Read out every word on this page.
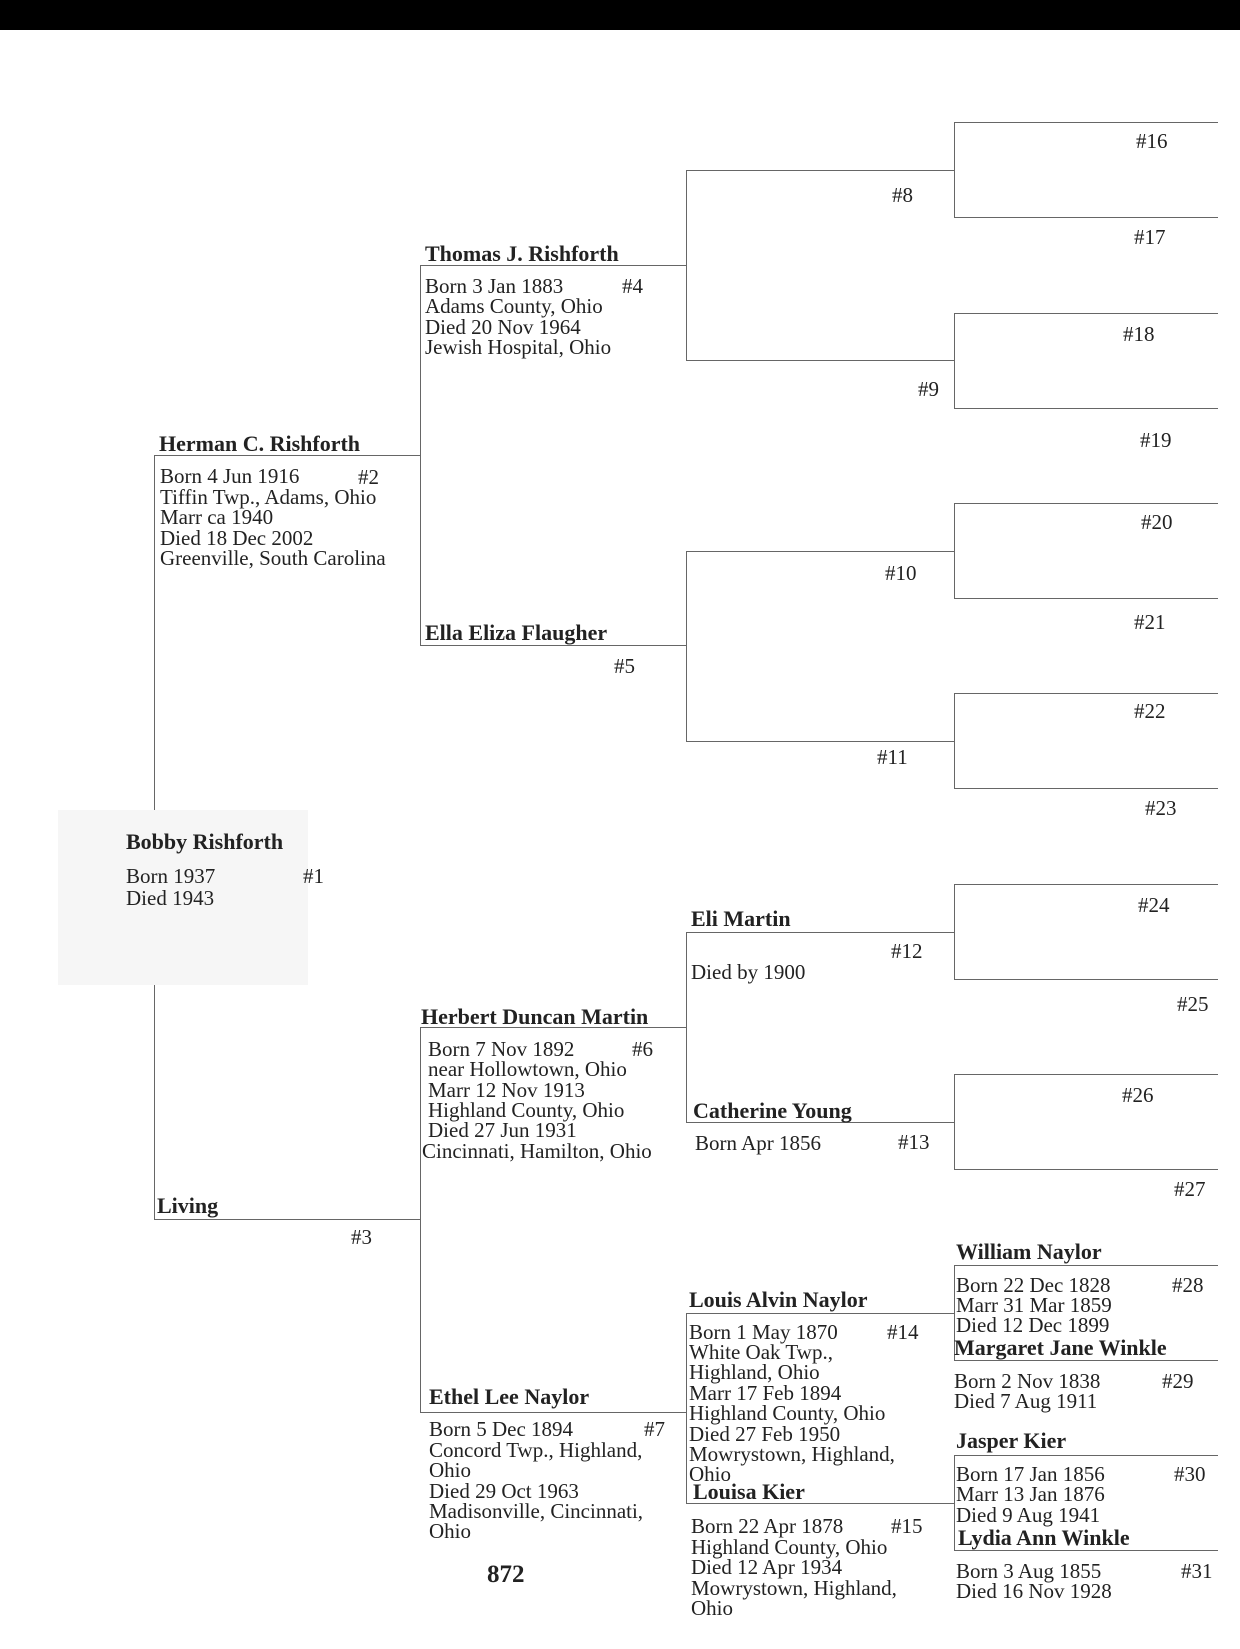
Bobby Rishforth
Born 1937
Died 1943
#1
Herman C. Rishforth
Born 4 Jun 1916
Tiffin Twp., Adams, Ohio
Marr ca 1940
Died 18 Dec 2002
Greenville, South Carolina
#2
Living
#3
Thomas J. Rishforth
Born 3 Jan 1883
Adams County, Ohio
Died 20 Nov 1964
Jewish Hospital, Ohio
#4
Ella Eliza Flaugher
#5
Herbert Duncan Martin
Born 7 Nov 1892
near Hollowtown, Ohio
Marr 12 Nov 1913
Highland County, Ohio
Died 27 Jun 1931
Cincinnati, Hamilton, Ohio
#6
Ethel Lee Naylor
Born 5 Dec 1894
Concord Twp., Highland,
Ohio
Died 29 Oct 1963
Madisonville, Cincinnati,
Ohio
#7
#8
#9
#10
#11
Eli Martin
Died by 1900
#12
Catherine Young
Born Apr 1856	#13
Louis Alvin Naylor
Born 1 May 1870
White Oak Twp.,
Highland, Ohio
Marr 17 Feb 1894
Highland County, Ohio
Died 27 Feb 1950
Mowrystown, Highland,
Ohio
#14
Louisa Kier
Born 22 Apr 1878
Highland County, Ohio
Died 12 Apr 1934
Mowrystown, Highland,
Ohio
#15
#16
#17
#18
#19
#20
#21
#22
#23
#24
#25
#26
#27
William Naylor
Born 22 Dec 1828
Marr 31 Mar 1859
Died 12 Dec 1899
#28
Margaret Jane Winkle
Born 2 Nov 1838
Died 7 Aug 1911
#29
Jasper Kier
Born 17 Jan 1856
Marr 13 Jan 1876
Died 9 Aug 1941
#30
Lydia Ann Winkle
Born 3 Aug 1855
Died 16 Nov 1928
#31
872
